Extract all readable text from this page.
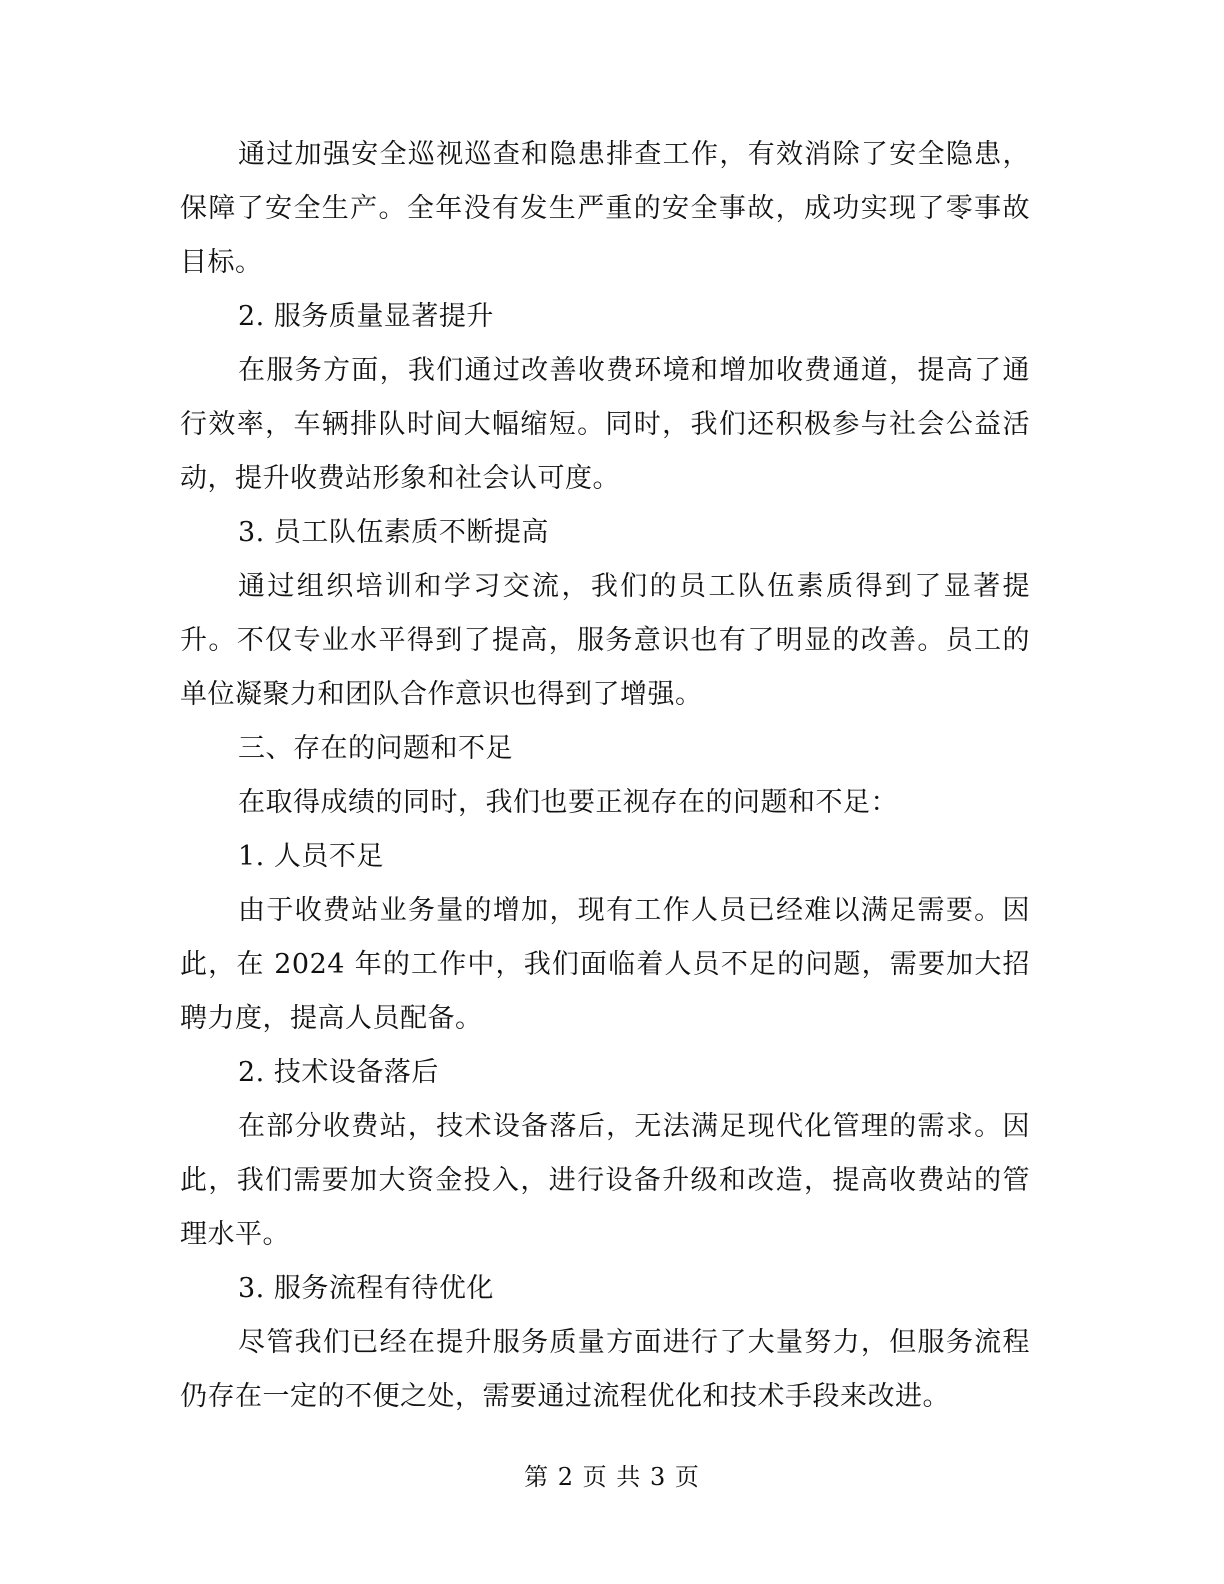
通过加强安全巡视巡查和隐患排查工作，有效消除了安全隐患，保障了安全生产。全年没有发生严重的安全事故，成功实现了零事故目标。

2. 服务质量显著提升

在服务方面，我们通过改善收费环境和增加收费通道，提高了通行效率，车辆排队时间大幅缩短。同时，我们还积极参与社会公益活动，提升收费站形象和社会认可度。

3. 员工队伍素质不断提高

通过组织培训和学习交流，我们的员工队伍素质得到了显著提升。不仅专业水平得到了提高，服务意识也有了明显的改善。员工的单位凝聚力和团队合作意识也得到了增强。

三、存在的问题和不足

在取得成绩的同时，我们也要正视存在的问题和不足：

1. 人员不足

由于收费站业务量的增加，现有工作人员已经难以满足需要。因此，在 2024 年的工作中，我们面临着人员不足的问题，需要加大招聘力度，提高人员配备。

2. 技术设备落后

在部分收费站，技术设备落后，无法满足现代化管理的需求。因此，我们需要加大资金投入，进行设备升级和改造，提高收费站的管理水平。

3. 服务流程有待优化

尽管我们已经在提升服务质量方面进行了大量努力，但服务流程仍存在一定的不便之处，需要通过流程优化和技术手段来改进。

第 2 页 共 3 页
